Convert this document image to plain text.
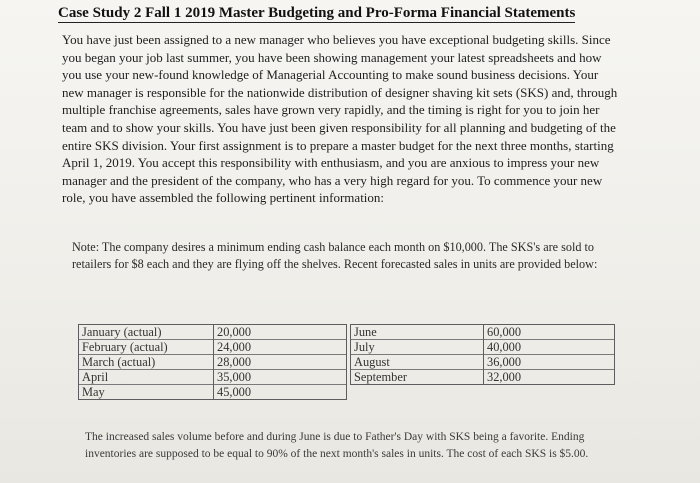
Case Study 2 Fall 1 2019 Master Budgeting and Pro-Forma Financial Statements

You have just been assigned to a new manager who believes you have exceptional budgeting skills. Since you began your job last summer, you have been showing management your latest spreadsheets and how you use your new-found knowledge of Managerial Accounting to make sound business decisions. Your new manager is responsible for the nationwide distribution of designer shaving kit sets (SKS) and, through multiple franchise agreements, sales have grown very rapidly, and the timing is right for you to join her team and to show your skills. You have just been given responsibility for all planning and budgeting of the entire SKS division. Your first assignment is to prepare a master budget for the next three months, starting April 1, 2019. You accept this responsibility with enthusiasm, and you are anxious to impress your new manager and the president of the company, who has a very high regard for you. To commence your new role, you have assembled the following pertinent information:

Note: The company desires a minimum ending cash balance each month on $10,000. The SKS's are sold to retailers for $8 each and they are flying off the shelves. Recent forecasted sales in units are provided below:

January (actual)
February (actual)
March (actual)
April
May
20,000
24,000
28,000
35,000
45,000
June
July
August
September
60,000
40,000
36,000
32,000

The increased sales volume before and during June is due to Father's Day with SKS being a favorite. Ending inventories are supposed to be equal to 90% of the next month's sales in units. The cost of each SKS is $5.00.
